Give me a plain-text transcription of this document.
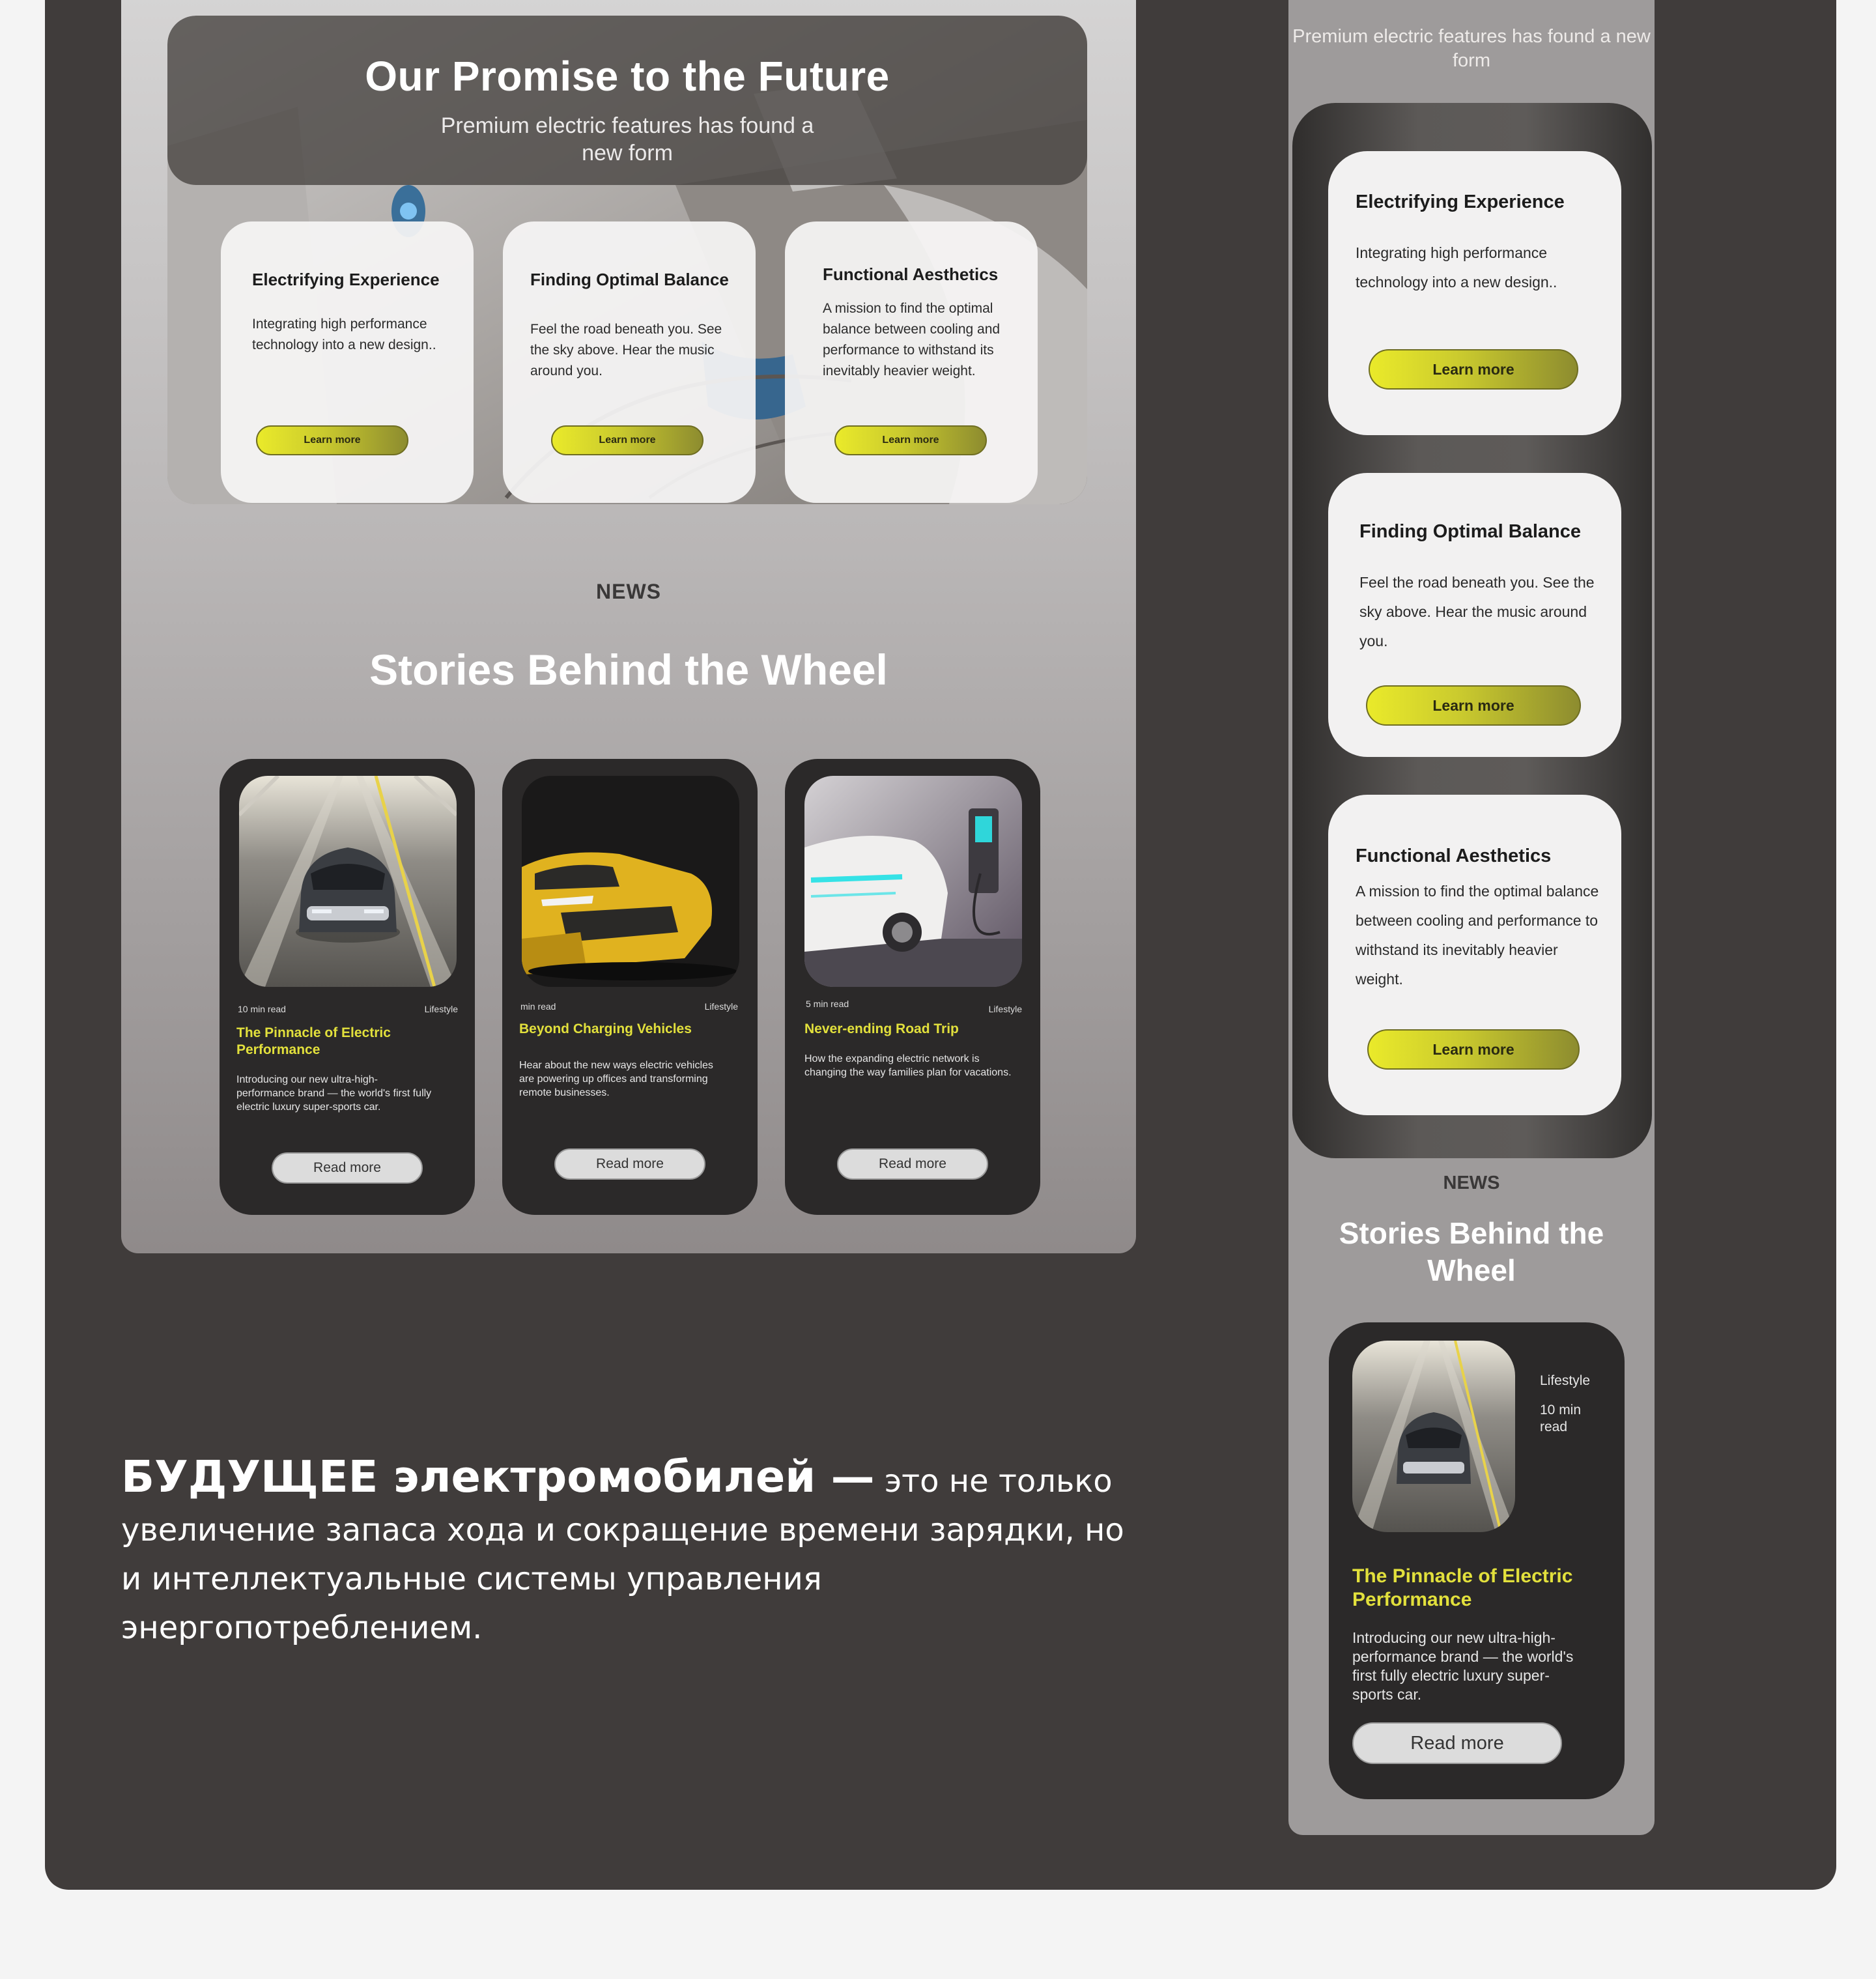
Our Promise to the Future

Premium electric features has found a new form

Electrifying Experience

Integrating high performance technology into a new design..

Learn more
Finding Optimal Balance

Feel the road beneath you. See the sky above. Hear the music around you.

Learn more
Functional Aesthetics

A mission to find the optimal balance between cooling and performance to withstand its inevitably heavier weight.

Learn more
NEWS
Stories Behind the Wheel
10 min read	Lifestyle
The Pinnacle of Electric Performance

Introducing our new ultra-high-performance brand — the world's first fully electric luxury super-sports car.

Read more
min read	Lifestyle
Beyond Charging Vehicles

Hear about the new ways electric vehicles are powering up offices and transforming remote businesses.

Read more
5 min read	Lifestyle
Never-ending Road Trip

How the expanding electric network is changing the way families plan for vacations.

Read more

БУДУЩЕЕ электромобилей — это не только увеличение запаса хода и сокращение времени зарядки, но и интеллектуальные системы управления энергопотреблением.

Premium electric features has found a new form

Electrifying Experience

Integrating high performance technology into a new design..

Learn more
Finding Optimal Balance

Feel the road beneath you. See the sky above. Hear the music around you.

Learn more
Functional Aesthetics

A mission to find the optimal balance between cooling and performance to withstand its inevitably heavier weight.

Learn more
NEWS
Stories Behind the Wheel
Lifestyle
10 min read
The Pinnacle of Electric Performance

Introducing our new ultra-high-performance brand — the world's first fully electric luxury super-sports car.

Read more
